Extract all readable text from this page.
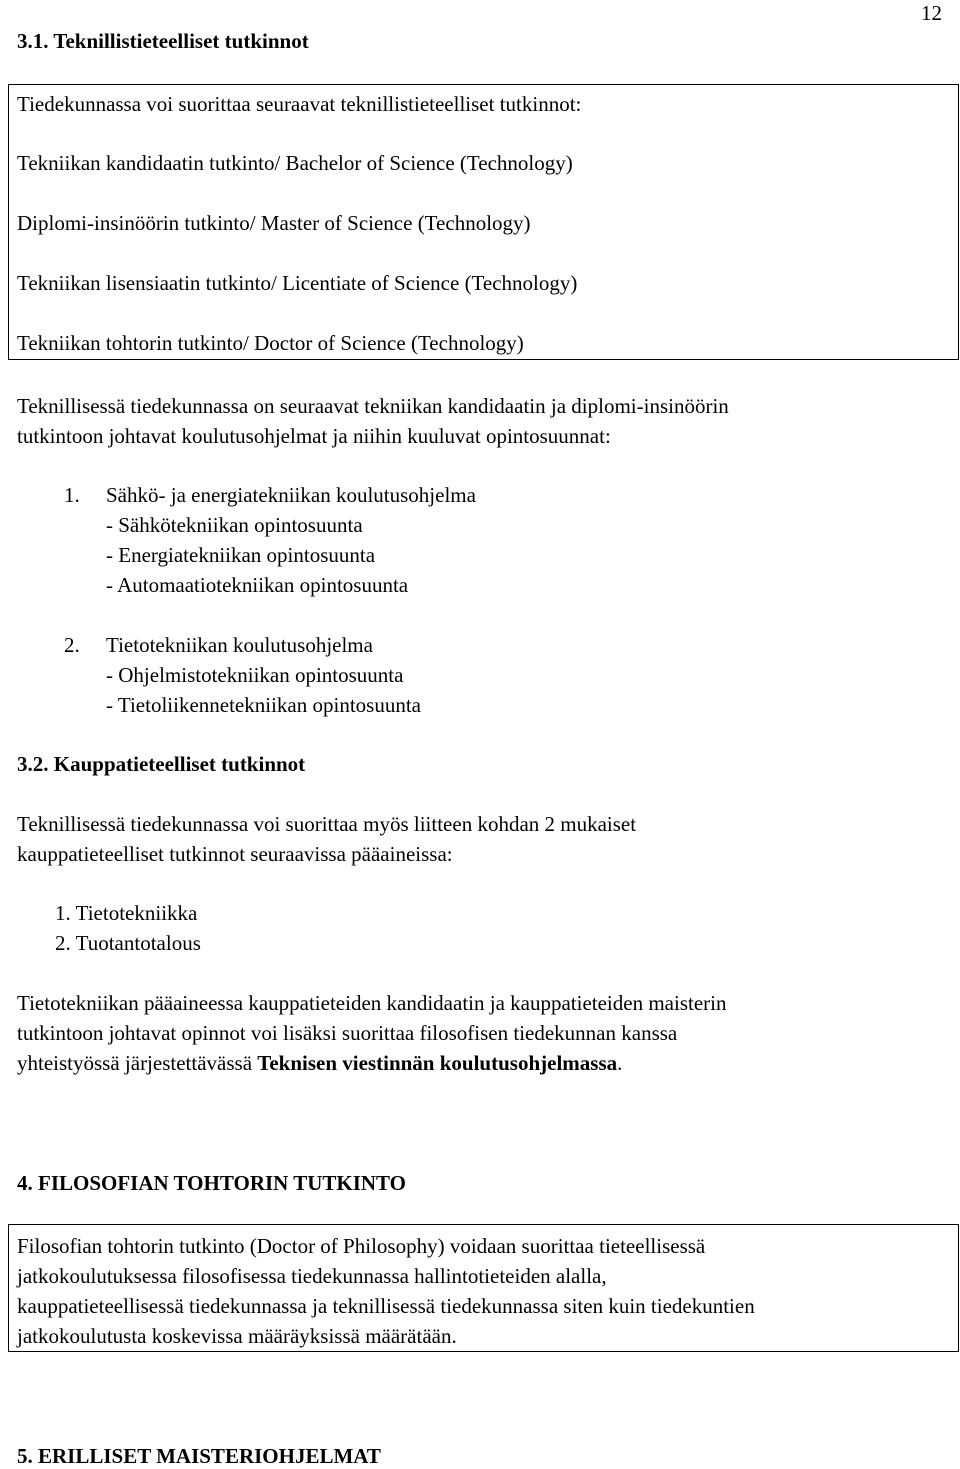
12
3.1. Teknillistieteelliset tutkinnot
Tiedekunnassa voi suorittaa seuraavat teknillistieteelliset tutkinnot:
Tekniikan kandidaatin tutkinto/ Bachelor of Science (Technology)
Diplomi-insinöörin tutkinto/ Master of Science (Technology)
Tekniikan lisensiaatin tutkinto/ Licentiate of Science (Technology)
Tekniikan tohtorin tutkinto/ Doctor of Science (Technology)
Teknillisessä tiedekunnassa on seuraavat tekniikan kandidaatin ja diplomi-insinöörin
tutkintoon johtavat koulutusohjelmat ja niihin kuuluvat opintosuunnat:
1. Sähkö- ja energiatekniikan koulutusohjelma
- Sähkötekniikan opintosuunta
- Energiatekniikan opintosuunta
- Automaatiotekniikan opintosuunta
2. Tietotekniikan koulutusohjelma
- Ohjelmistotekniikan opintosuunta
- Tietoliikennetekniikan opintosuunta
3.2. Kauppatieteelliset tutkinnot
Teknillisessä tiedekunnassa voi suorittaa myös liitteen kohdan 2 mukaiset
kauppatieteelliset tutkinnot seuraavissa pääaineissa:
1. Tietotekniikka
2. Tuotantotalous
Tietotekniikan pääaineessa kauppatieteiden kandidaatin ja kauppatieteiden maisterin
tutkintoon johtavat opinnot voi lisäksi suorittaa filosofisen tiedekunnan kanssa
yhteistyössä järjestettävässä Teknisen viestinnän koulutusohjelmassa.
4. FILOSOFIAN TOHTORIN TUTKINTO
Filosofian tohtorin tutkinto (Doctor of Philosophy) voidaan suorittaa tieteellisessä
jatkokoulutuksessa filosofisessa tiedekunnassa hallintotieteiden alalla,
kauppatieteellisessä tiedekunnassa ja teknillisessä tiedekunnassa siten kuin tiedekuntien
jatkokoulutusta koskevissa määräyksissä määrätään.
5. ERILLISET MAISTERIOHJELMAT
